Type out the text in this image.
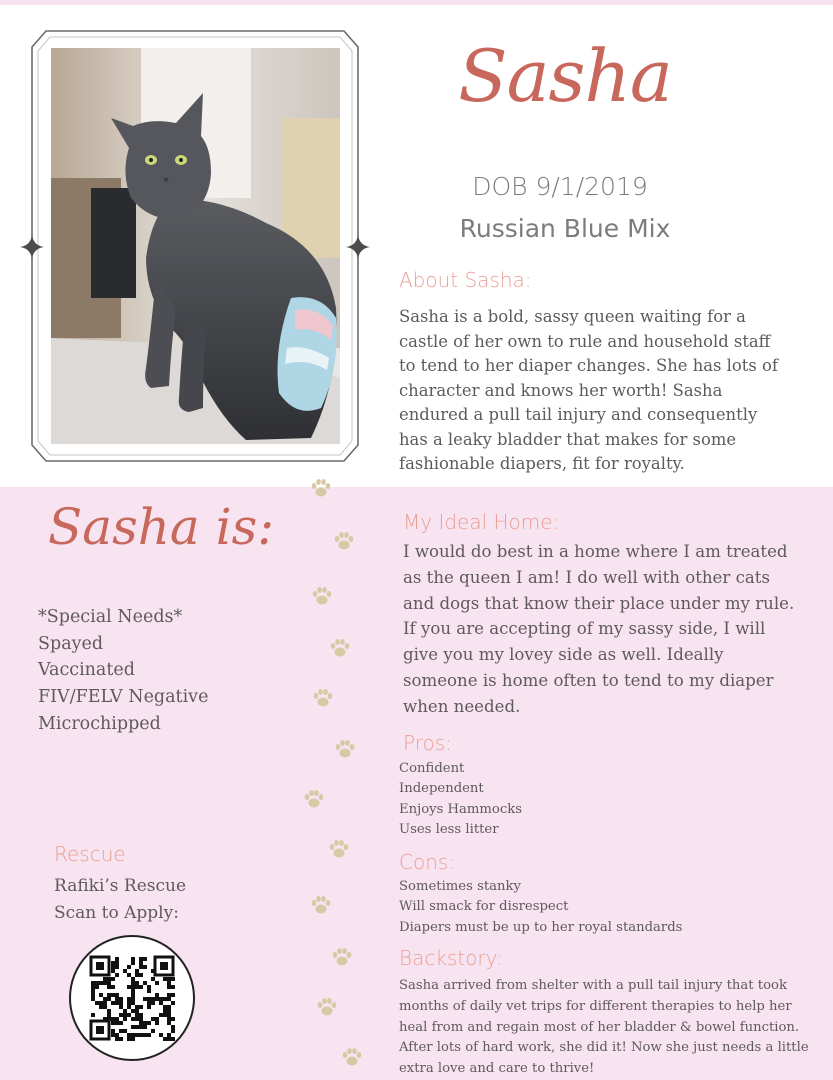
Sasha
DOB 9/1/2019
Russian Blue Mix
About Sasha:
Sasha is a bold, sassy queen waiting for a castle of her own to rule and household staff to tend to her diaper changes. She has lots of character and knows her worth! Sasha endured a pull tail injury and consequently has a leaky bladder that makes for some fashionable diapers, fit for royalty.
Sasha is:
*Special Needs*
Spayed
Vaccinated
FIV/FELV Negative
Microchipped
Rescue
Rafiki’s Rescue
Scan to Apply:
My Ideal Home:
I would do best in a home where I am treated as the queen I am! I do well with other cats and dogs that know their place under my rule. If you are accepting of my sassy side, I will give you my lovey side as well. Ideally someone is home often to tend to my diaper when needed.
Pros:
Confident
Independent
Enjoys Hammocks
Uses less litter
Cons:
Sometimes stanky
Will smack for disrespect
Diapers must be up to her royal standards
Backstory:
Sasha arrived from shelter with a pull tail injury that took months of daily vet trips for different therapies to help her heal from and regain most of her bladder & bowel function. After lots of hard work, she did it! Now she just needs a little extra love and care to thrive!
